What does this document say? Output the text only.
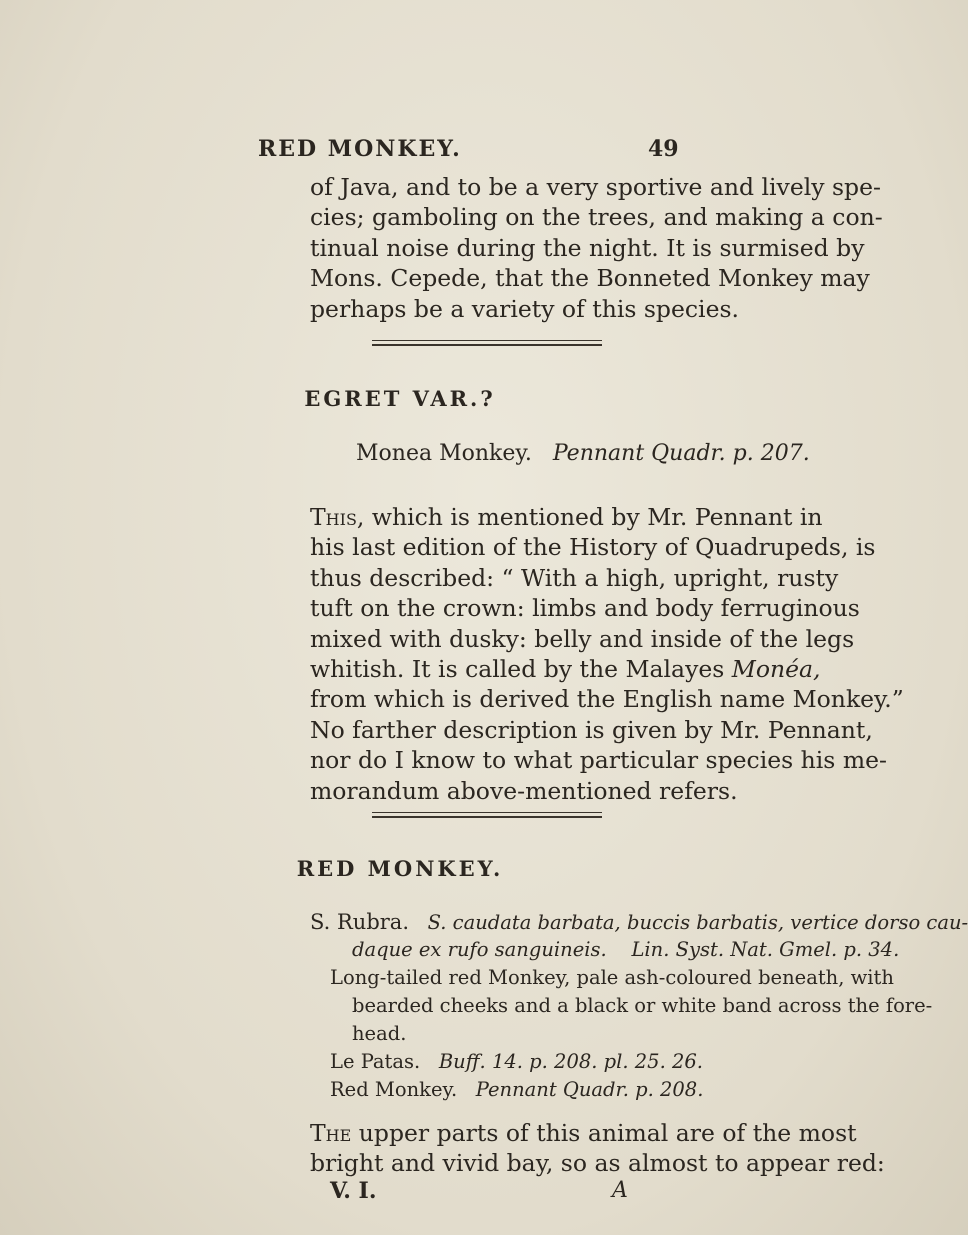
RED MONKEY.	49

of Java, and to be a very sportive and lively spe-
cies; gamboling on the trees, and making a con-
tinual noise during the night. It is surmised by
Mons. Cepede, that the Bonneted Monkey may
perhaps be a variety of this species.

EGRET VAR.?
Monea Monkey. Pennant Quadr. p. 207.

This, which is mentioned by Mr. Pennant in
his last edition of the History of Quadrupeds, is
thus described: “ With a high, upright, rusty
tuft on the crown: limbs and body ferruginous
mixed with dusky: belly and inside of the legs
whitish. It is called by the Malayes Monéa,
from which is derived the English name Monkey.”
No farther description is given by Mr. Pennant,
nor do I know to what particular species his me-
morandum above-mentioned refers.

RED MONKEY.
S. Rubra. S. caudata barbata, buccis barbatis, vertice dorso cau-
daque ex rufo sanguineis. Lin. Syst. Nat. Gmel. p. 34.
Long-tailed red Monkey, pale ash-coloured beneath, with
bearded cheeks and a black or white band across the fore-
head.
Le Patas. Buff. 14. p. 208. pl. 25. 26.
Red Monkey. Pennant Quadr. p. 208.

The upper parts of this animal are of the most
bright and vivid bay, so as almost to appear red:

V. I.	A
